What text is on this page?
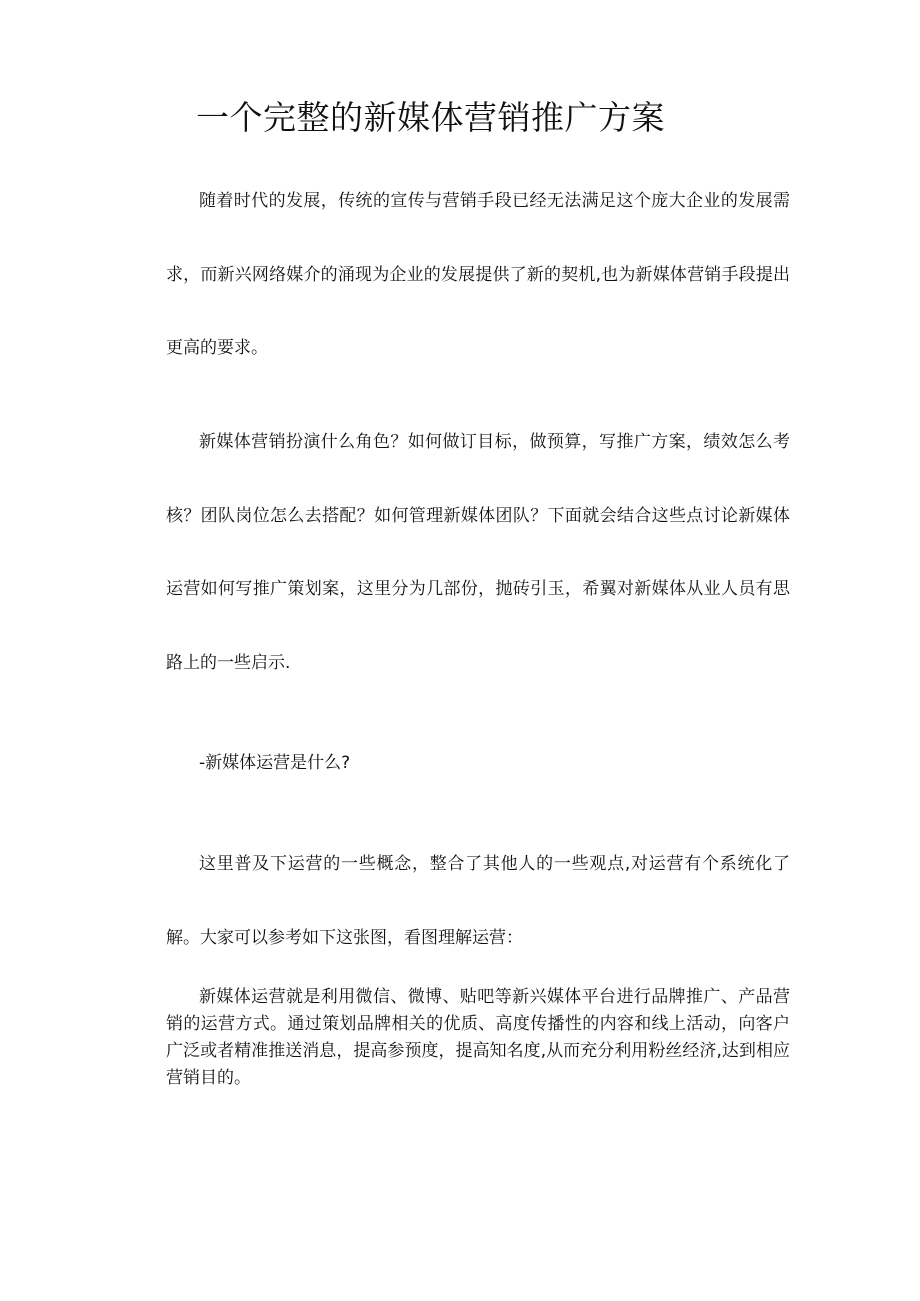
一个完整的新媒体营销推广方案

随着时代的发展，传统的宣传与营销手段已经无法满足这个庞大企业的发展需求，而新兴网络媒介的涌现为企业的发展提供了新的契机,也为新媒体营销手段提出更高的要求。

新媒体营销扮演什么角色？如何做订目标，做预算，写推广方案，绩效怎么考核？团队岗位怎么去搭配？如何管理新媒体团队？下面就会结合这些点讨论新媒体运营如何写推广策划案，这里分为几部份，抛砖引玉，希翼对新媒体从业人员有思路上的一些启示.

-新媒体运营是什么?

这里普及下运营的一些概念，整合了其他人的一些观点,对运营有个系统化了解。大家可以参考如下这张图，看图理解运营：

新媒体运营就是利用微信、微博、贴吧等新兴媒体平台进行品牌推广、产品营销的运营方式。通过策划品牌相关的优质、高度传播性的内容和线上活动，向客户广泛或者精准推送消息，提高参预度，提高知名度,从而充分利用粉丝经济,达到相应营销目的。
